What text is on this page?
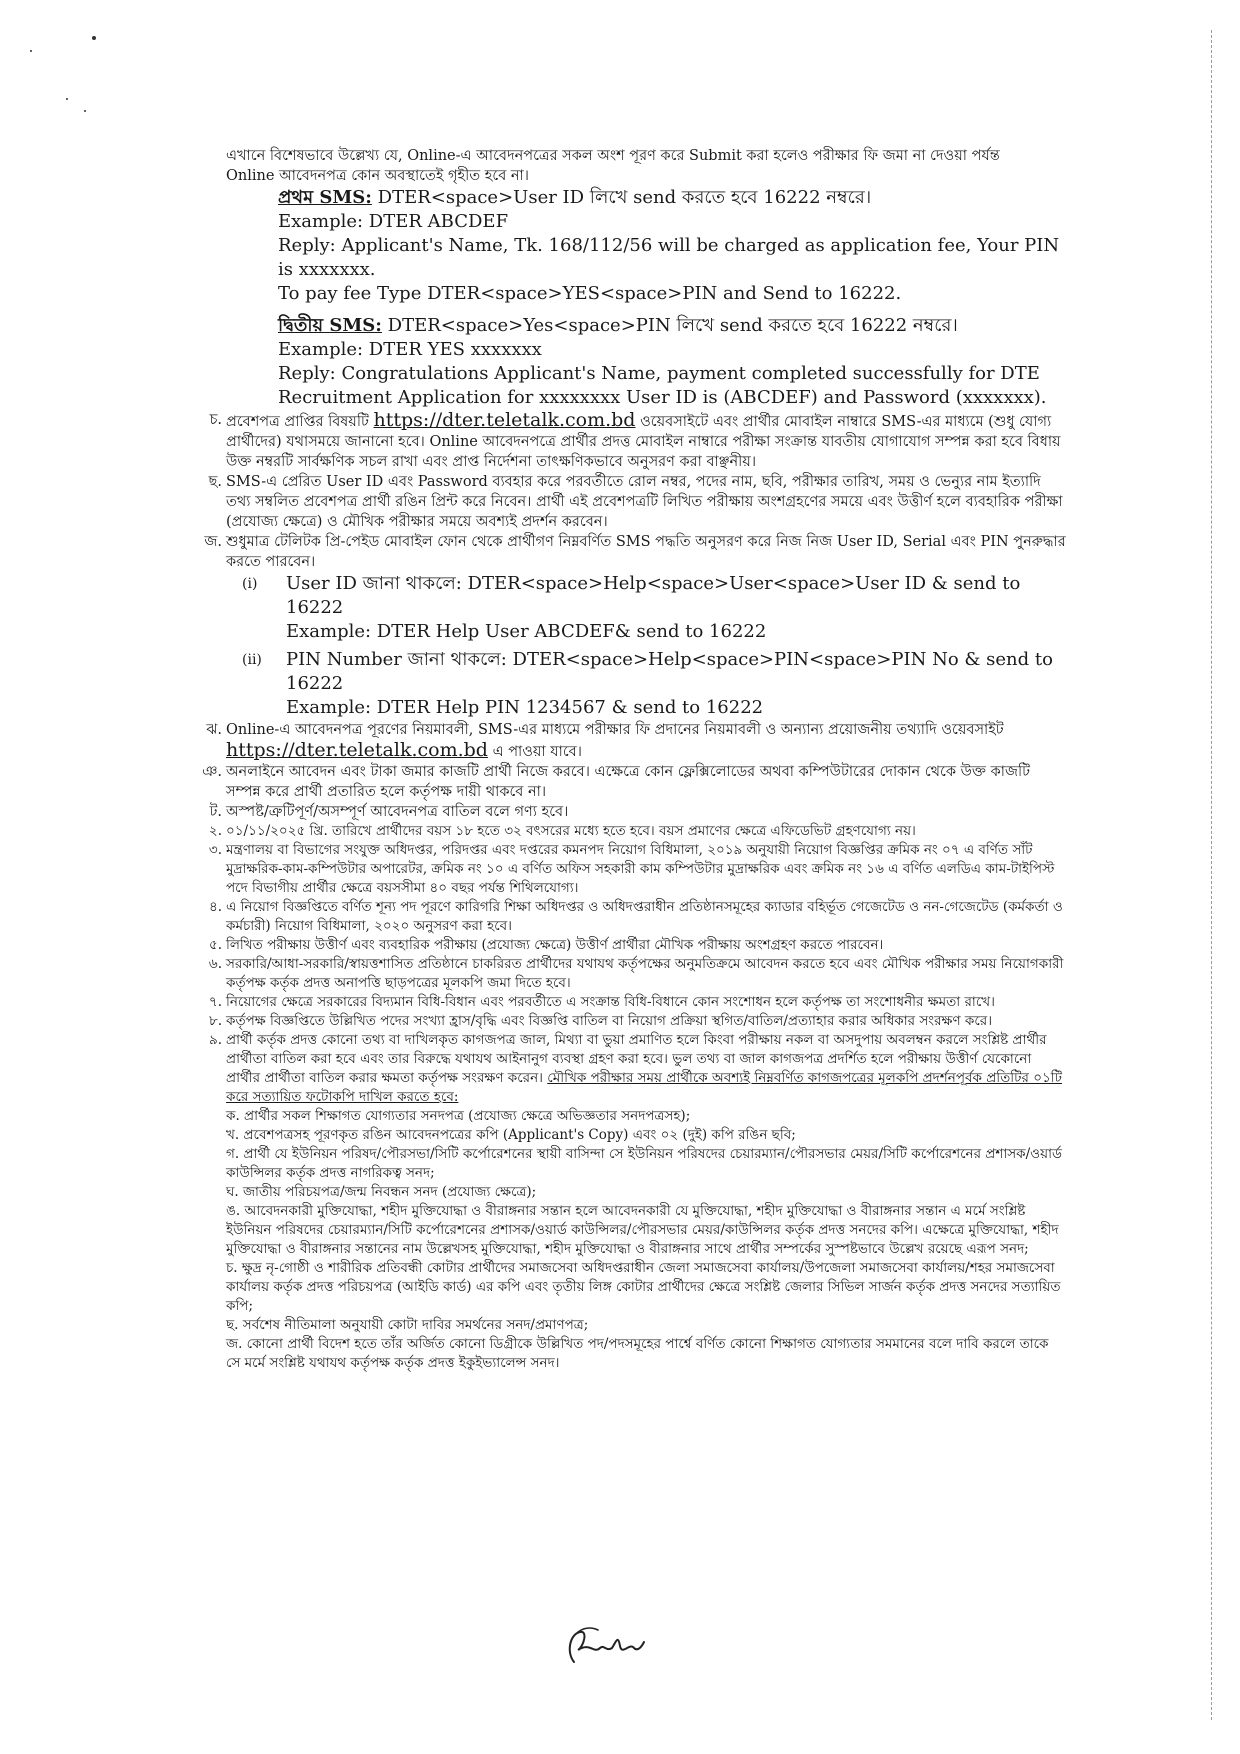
এখানে বিশেষভাবে উল্লেখ্য যে, Online-এ আবেদনপত্রের সকল অংশ পূরণ করে Submit করা হলেও পরীক্ষার ফি জমা না দেওয়া পর্যন্ত

Online আবেদনপত্র কোন অবস্থাতেই গৃহীত হবে না।

প্রথম SMS: DTER<space>User ID লিখে send করতে হবে 16222 নম্বরে।

Example: DTER ABCDEF

Reply: Applicant's Name, Tk. 168/112/56 will be charged as application fee, Your PIN is xxxxxxx.

To pay fee Type DTER<space>YES<space>PIN and Send to 16222.

দ্বিতীয় SMS: DTER<space>Yes<space>PIN লিখে send করতে হবে 16222 নম্বরে।

Example: DTER YES xxxxxxx

Reply: Congratulations Applicant's Name, payment completed successfully for DTE Recruitment Application for xxxxxxxx User ID is (ABCDEF) and Password (xxxxxxx).

চ. প্রবেশপত্র প্রাপ্তির বিষয়টি https://dter.teletalk.com.bd ওয়েবসাইটে এবং প্রার্থীর মোবাইল নাম্বারে SMS-এর মাধ্যমে (শুধু যোগ্য প্রার্থীদের) যথাসময়ে জানানো হবে। Online আবেদনপত্রে প্রার্থীর প্রদত্ত মোবাইল নাম্বারে পরীক্ষা সংক্রান্ত যাবতীয় যোগাযোগ সম্পন্ন করা হবে বিধায় উক্ত নম্বরটি সার্বক্ষণিক সচল রাখা এবং প্রাপ্ত নির্দেশনা তাৎক্ষণিকভাবে অনুসরণ করা বাঞ্ছনীয়।

ছ. SMS-এ প্রেরিত User ID এবং Password ব্যবহার করে পরবর্তীতে রোল নম্বর, পদের নাম, ছবি, পরীক্ষার তারিখ, সময় ও ভেন্যুর নাম ইত্যাদি তথ্য সম্বলিত প্রবেশপত্র প্রার্থী রঙিন প্রিন্ট করে নিবেন। প্রার্থী এই প্রবেশপত্রটি লিখিত পরীক্ষায় অংশগ্রহণের সময়ে এবং উত্তীর্ণ হলে ব্যবহারিক পরীক্ষা (প্রযোজ্য ক্ষেত্রে) ও মৌখিক পরীক্ষার সময়ে অবশ্যই প্রদর্শন করবেন।

জ. শুধুমাত্র টেলিটক প্রি-পেইড মোবাইল ফোন থেকে প্রার্থীগণ নিম্নবর্ণিত SMS পদ্ধতি অনুসরণ করে নিজ নিজ User ID, Serial এবং PIN পুনরুদ্ধার করতে পারবেন।

(i) User ID জানা থাকলে: DTER<space>Help<space>User<space>User ID & send to 16222

Example: DTER Help User ABCDEF& send to 16222

(ii) PIN Number জানা থাকলে: DTER<space>Help<space>PIN<space>PIN No & send to 16222

Example: DTER Help PIN 1234567 & send to 16222

ঝ. Online-এ আবেদনপত্র পূরণের নিয়মাবলী, SMS-এর মাধ্যমে পরীক্ষার ফি প্রদানের নিয়মাবলী ও অন্যান্য প্রয়োজনীয় তথ্যাদি ওয়েবসাইট https://dter.teletalk.com.bd এ পাওয়া যাবে।

ঞ. অনলাইনে আবেদন এবং টাকা জমার কাজটি প্রার্থী নিজে করবে। এক্ষেত্রে কোন ফ্লেক্সিলোডের অথবা কম্পিউটারের দোকান থেকে উক্ত কাজটি সম্পন্ন করে প্রার্থী প্রতারিত হলে কর্তৃপক্ষ দায়ী থাকবে না।

ট. অস্পষ্ট/ত্রুটিপূর্ণ/অসম্পূর্ণ আবেদনপত্র বাতিল বলে গণ্য হবে।

২. ০১/১১/২০২৫ খ্রি. তারিখে প্রার্থীদের বয়স ১৮ হতে ৩২ বৎসরের মধ্যে হতে হবে। বয়স প্রমাণের ক্ষেত্রে এফিডেভিট গ্রহণযোগ্য নয়।

৩. মন্ত্রণালয় বা বিভাগের সংযুক্ত অধিদপ্তর, পরিদপ্তর এবং দপ্তরের কমনপদ নিয়োগ বিধিমালা, ২০১৯ অনুযায়ী নিয়োগ বিজ্ঞপ্তির ক্রমিক নং ০৭ এ বর্ণিত সাঁট মুদ্রাক্ষরিক-কাম-কম্পিউটার অপারেটর, ক্রমিক নং ১০ এ বর্ণিত অফিস সহকারী কাম কম্পিউটার মুদ্রাক্ষরিক এবং ক্রমিক নং ১৬ এ বর্ণিত এলডিএ কাম-টাইপিস্ট পদে বিভাগীয় প্রার্থীর ক্ষেত্রে বয়সসীমা ৪০ বছর পর্যন্ত শিথিলযোগ্য।

৪. এ নিয়োগ বিজ্ঞপ্তিতে বর্ণিত শূন্য পদ পূরণে কারিগরি শিক্ষা অধিদপ্তর ও অধিদপ্তরাধীন প্রতিষ্ঠানসমূহের ক্যাডার বহির্ভূত গেজেটেড ও নন-গেজেটেড (কর্মকর্তা ও কর্মচারী) নিয়োগ বিধিমালা, ২০২০ অনুসরণ করা হবে।

৫. লিখিত পরীক্ষায় উত্তীর্ণ এবং ব্যবহারিক পরীক্ষায় (প্রযোজ্য ক্ষেত্রে) উত্তীর্ণ প্রার্থীরা মৌখিক পরীক্ষায় অংশগ্রহণ করতে পারবেন।

৬. সরকারি/আধা-সরকারি/স্বায়ত্তশাসিত প্রতিষ্ঠানে চাকরিরত প্রার্থীদের যথাযথ কর্তৃপক্ষের অনুমতিক্রমে আবেদন করতে হবে এবং মৌখিক পরীক্ষার সময় নিয়োগকারী কর্তৃপক্ষ কর্তৃক প্রদত্ত অনাপত্তি ছাড়পত্রের মূলকপি জমা দিতে হবে।

৭. নিয়োগের ক্ষেত্রে সরকারের বিদ্যমান বিধি-বিধান এবং পরবর্তীতে এ সংক্রান্ত বিধি-বিধানে কোন সংশোধন হলে কর্তৃপক্ষ তা সংশোধনীর ক্ষমতা রাখে।

৮. কর্তৃপক্ষ বিজ্ঞপ্তিতে উল্লিখিত পদের সংখ্যা হ্রাস/বৃদ্ধি এবং বিজ্ঞপ্তি বাতিল বা নিয়োগ প্রক্রিয়া স্থগিত/বাতিল/প্রত্যাহার করার অধিকার সংরক্ষণ করে।

৯. প্রার্থী কর্তৃক প্রদত্ত কোনো তথ্য বা দাখিলকৃত কাগজপত্র জাল, মিথ্যা বা ভুয়া প্রমাণিত হলে কিংবা পরীক্ষায় নকল বা অসদুপায় অবলম্বন করলে সংশ্লিষ্ট প্রার্থীর প্রার্থীতা বাতিল করা হবে এবং তার বিরুদ্ধে যথাযথ আইনানুগ ব্যবস্থা গ্রহণ করা হবে। ভুল তথ্য বা জাল কাগজপত্র প্রদর্শিত হলে পরীক্ষায় উত্তীর্ণ যেকোনো প্রার্থীর প্রার্থীতা বাতিল করার ক্ষমতা কর্তৃপক্ষ সংরক্ষণ করেন। মৌখিক পরীক্ষার সময় প্রার্থীকে অবশ্যই নিম্নবর্ণিত কাগজপত্রের মূলকপি প্রদর্শনপূর্বক প্রতিটির ০১টি করে সত্যায়িত ফটোকপি দাখিল করতে হবে:

ক. প্রার্থীর সকল শিক্ষাগত যোগ্যতার সনদপত্র (প্রযোজ্য ক্ষেত্রে অভিজ্ঞতার সনদপত্রসহ);

খ. প্রবেশপত্রসহ পূরণকৃত রঙিন আবেদনপত্রের কপি (Applicant's Copy) এবং ০২ (দুই) কপি রঙিন ছবি;

গ. প্রার্থী যে ইউনিয়ন পরিষদ/পৌরসভা/সিটি কর্পোরেশনের স্থায়ী বাসিন্দা সে ইউনিয়ন পরিষদের চেয়ারম্যান/পৌরসভার মেয়র/সিটি কর্পোরেশনের প্রশাসক/ওয়ার্ড কাউন্সিলর কর্তৃক প্রদত্ত নাগরিকত্ব সনদ;

ঘ. জাতীয় পরিচয়পত্র/জন্ম নিবন্ধন সনদ (প্রযোজ্য ক্ষেত্রে);

ঙ. আবেদনকারী মুক্তিযোদ্ধা, শহীদ মুক্তিযোদ্ধা ও বীরাঙ্গনার সন্তান হলে আবেদনকারী যে মুক্তিযোদ্ধা, শহীদ মুক্তিযোদ্ধা ও বীরাঙ্গনার সন্তান এ মর্মে সংশ্লিষ্ট ইউনিয়ন পরিষদের চেয়ারম্যান/সিটি কর্পোরেশনের প্রশাসক/ওয়ার্ড কাউন্সিলর/পৌরসভার মেয়র/কাউন্সিলর কর্তৃক প্রদত্ত সনদের কপি। এক্ষেত্রে মুক্তিযোদ্ধা, শহীদ মুক্তিযোদ্ধা ও বীরাঙ্গনার সন্তানের নাম উল্লেখসহ মুক্তিযোদ্ধা, শহীদ মুক্তিযোদ্ধা ও বীরাঙ্গনার সাথে প্রার্থীর সম্পর্কের সুস্পষ্টভাবে উল্লেখ রয়েছে এরূপ সনদ;

চ. ক্ষুদ্র নৃ-গোষ্ঠী ও শারীরিক প্রতিবন্ধী কোটার প্রার্থীদের সমাজসেবা অধিদপ্তরাধীন জেলা সমাজসেবা কার্যালয়/উপজেলা সমাজসেবা কার্যালয়/শহর সমাজসেবা কার্যালয় কর্তৃক প্রদত্ত পরিচয়পত্র (আইডি কার্ড) এর কপি এবং তৃতীয় লিঙ্গ কোটার প্রার্থীদের ক্ষেত্রে সংশ্লিষ্ট জেলার সিভিল সার্জন কর্তৃক প্রদত্ত সনদের সত্যায়িত কপি;

ছ. সর্বশেষ নীতিমালা অনুযায়ী কোটা দাবির সমর্থনের সনদ/প্রমাণপত্র;

জ. কোনো প্রার্থী বিদেশ হতে তাঁর অর্জিত কোনো ডিগ্রীকে উল্লিখিত পদ/পদসমূহের পার্শ্বে বর্ণিত কোনো শিক্ষাগত যোগ্যতার সমমানের বলে দাবি করলে তাকে সে মর্মে সংশ্লিষ্ট যথাযথ কর্তৃপক্ষ কর্তৃক প্রদত্ত ইকুইভ্যালেন্স সনদ।
